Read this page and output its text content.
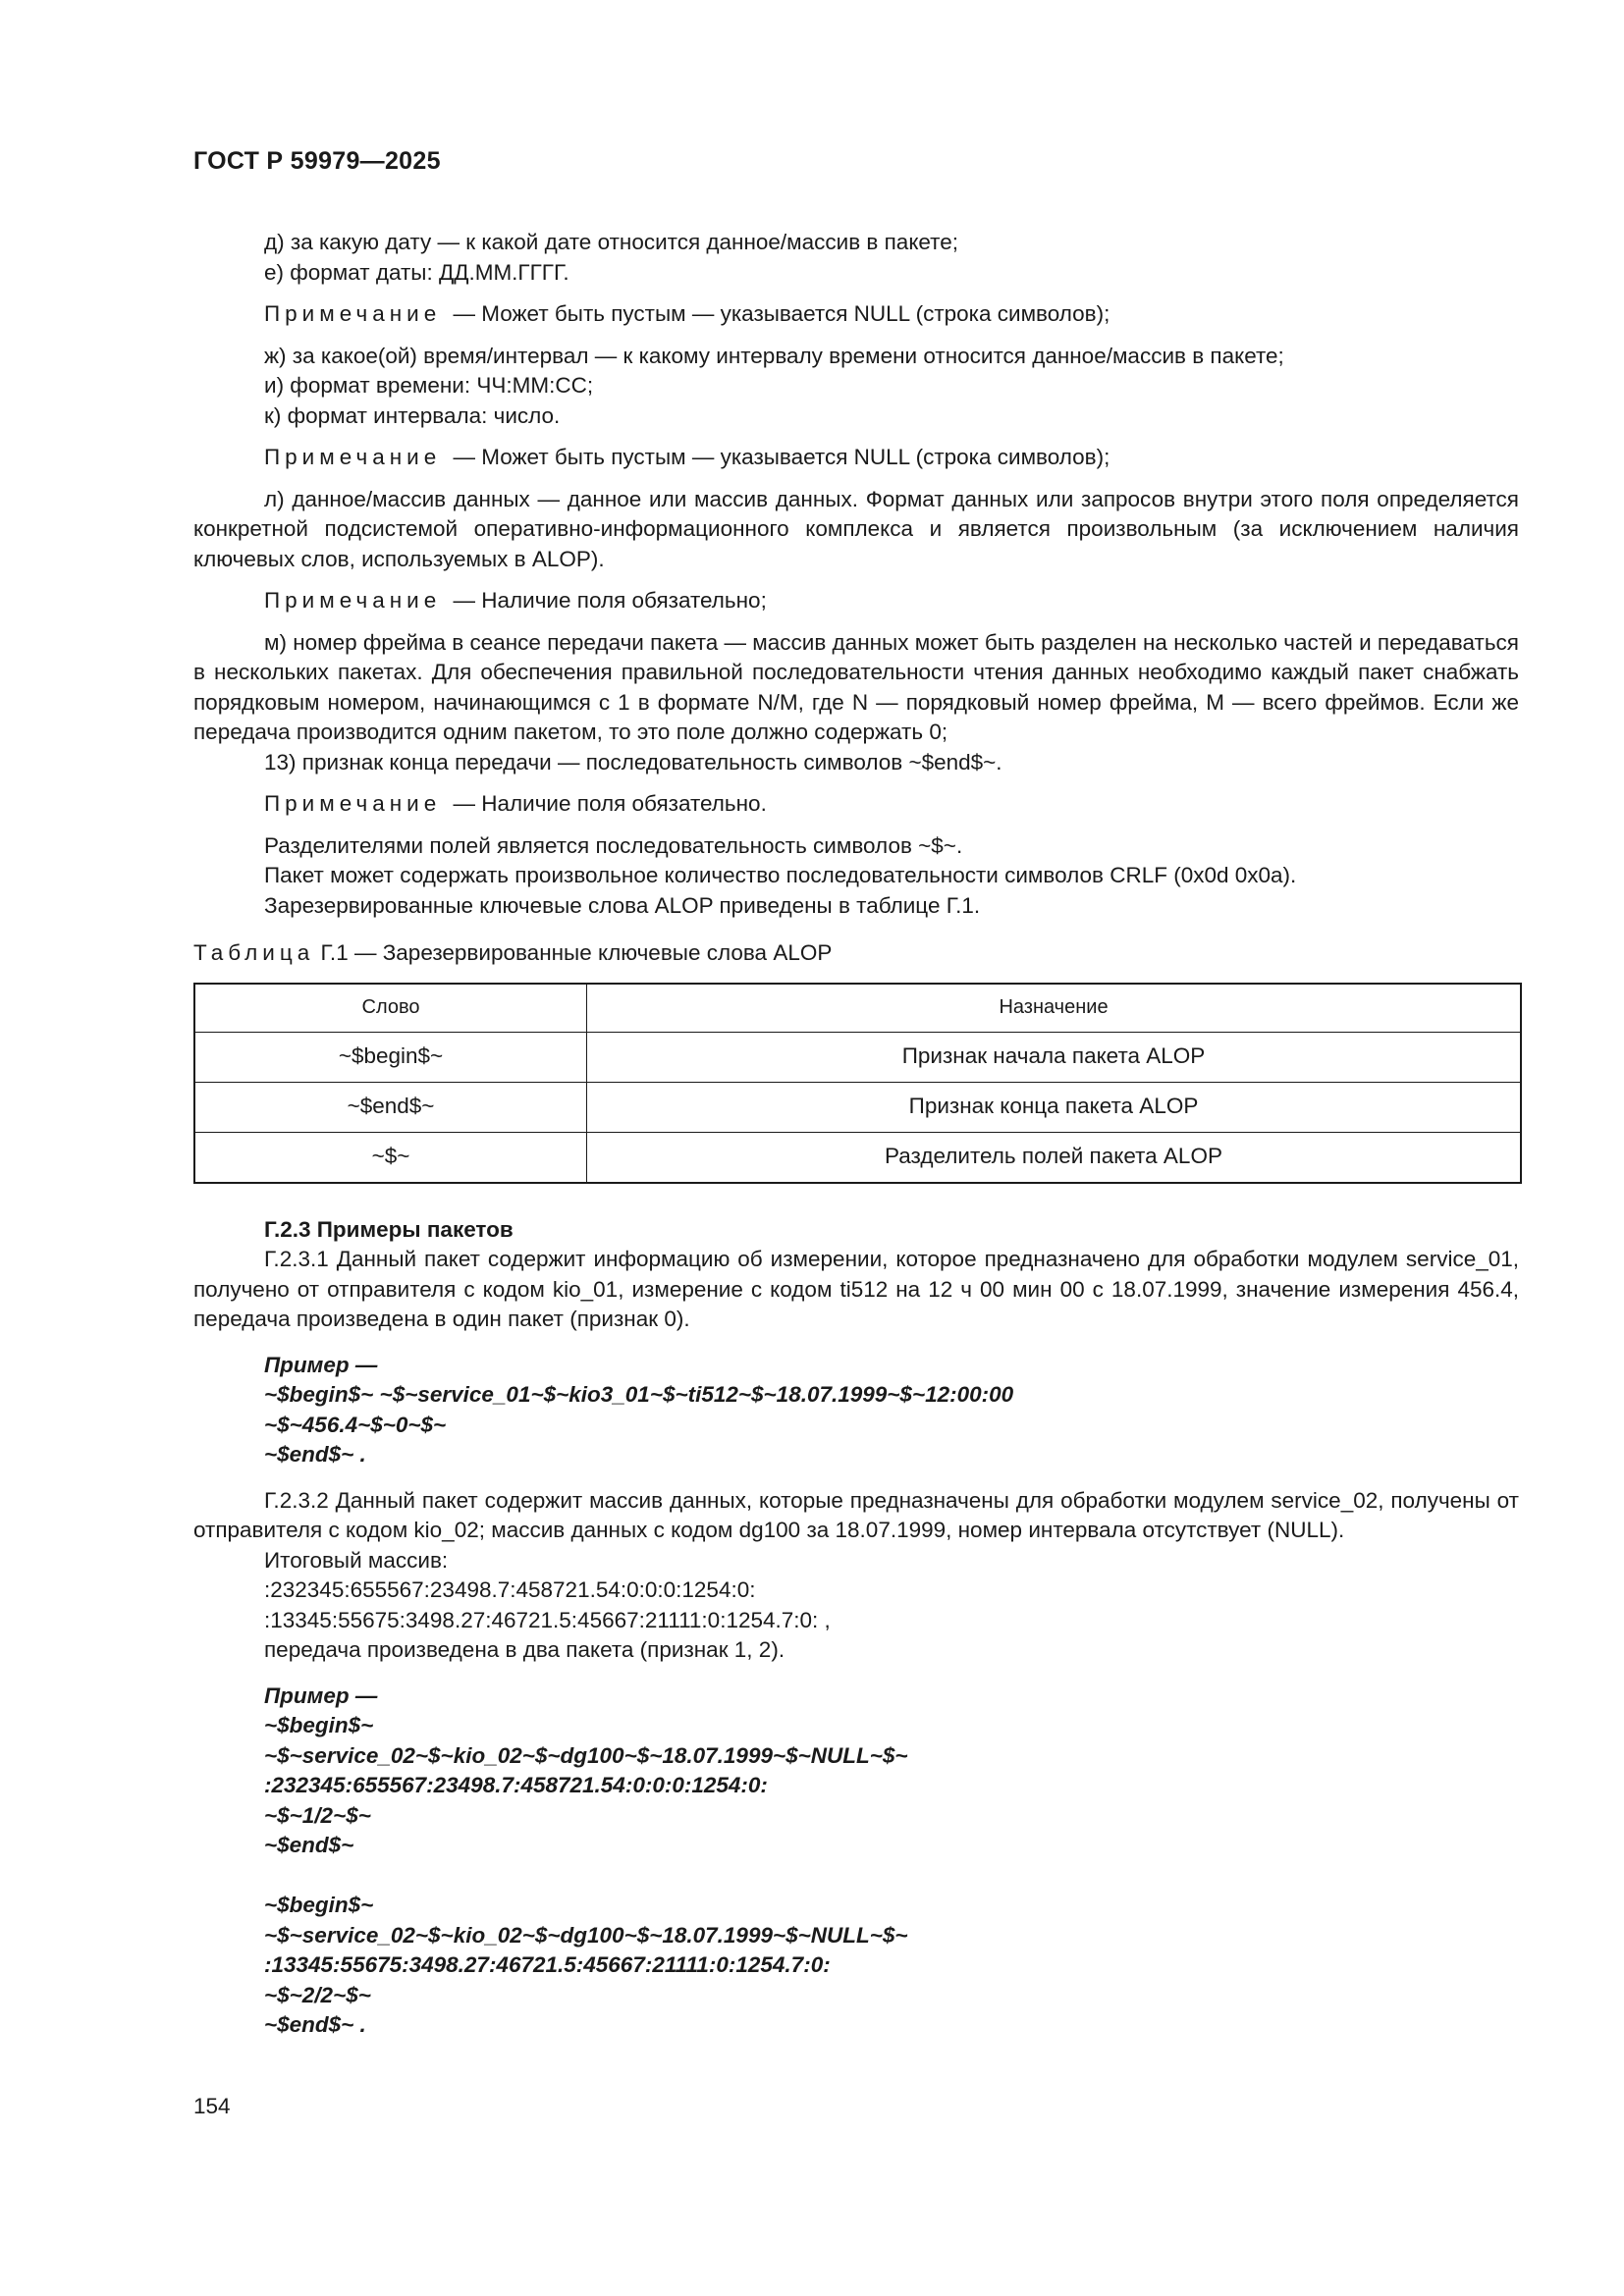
ГОСТ Р 59979—2025

д) за какую дату — к какой дате относится данное/массив в пакете;

е) формат даты: ДД.ММ.ГГГГ.

Примечание — Может быть пустым — указывается NULL (строка символов);

ж) за какое(ой) время/интервал — к какому интервалу времени относится данное/массив в пакете;

и) формат времени: ЧЧ:ММ:СС;

к) формат интервала: число.

Примечание — Может быть пустым — указывается NULL (строка символов);

л) данное/массив данных — данное или массив данных. Формат данных или запросов внутри этого поля определяется конкретной подсистемой оперативно-информационного комплекса и является произвольным (за исключением наличия ключевых слов, используемых в ALOP).

Примечание — Наличие поля обязательно;

м) номер фрейма в сеансе передачи пакета — массив данных может быть разделен на несколько частей и передаваться в нескольких пакетах. Для обеспечения правильной последовательности чтения данных необходимо каждый пакет снабжать порядковым номером, начинающимся с 1 в формате N/M, где N — порядковый номер фрейма, M — всего фреймов. Если же передача производится одним пакетом, то это поле должно содержать 0;

13) признак конца передачи — последовательность символов ~$end$~.

Примечание — Наличие поля обязательно.

Разделителями полей является последовательность символов ~$~.

Пакет может содержать произвольное количество последовательности символов CRLF (0x0d 0x0a).

Зарезервированные ключевые слова ALOP приведены в таблице Г.1.

Таблица Г.1 — Зарезервированные ключевые слова ALOP

Слово	Назначение
~$begin$~	Признак начала пакета ALOP
~$end$~	Признак конца пакета ALOP
~$~	Разделитель полей пакета ALOP

Г.2.3 Примеры пакетов

Г.2.3.1 Данный пакет содержит информацию об измерении, которое предназначено для обработки модулем service_01, получено от отправителя с кодом kio_01, измерение с кодом ti512 на 12 ч 00 мин 00 с 18.07.1999, значение измерения 456.4, передача произведена в один пакет (признак 0).

Пример —

~$begin$~ ~$~service_01~$~kio3_01~$~ti512~$~18.07.1999~$~12:00:00

~$~456.4~$~0~$~

~$end$~ .

Г.2.3.2 Данный пакет содержит массив данных, которые предназначены для обработки модулем service_02, получены от отправителя с кодом kio_02; массив данных с кодом dg100 за 18.07.1999, номер интервала отсутствует (NULL).

Итоговый массив:

:232345:655567:23498.7:458721.54:0:0:0:1254:0:

:13345:55675:3498.27:46721.5:45667:21111:0:1254.7:0: ,

передача произведена в два пакета (признак 1, 2).

Пример —

~$begin$~

~$~service_02~$~kio_02~$~dg100~$~18.07.1999~$~NULL~$~

:232345:655567:23498.7:458721.54:0:0:0:1254:0:

~$~1/2~$~

~$end$~

~$begin$~

~$~service_02~$~kio_02~$~dg100~$~18.07.1999~$~NULL~$~

:13345:55675:3498.27:46721.5:45667:21111:0:1254.7:0:

~$~2/2~$~

~$end$~ .

154
